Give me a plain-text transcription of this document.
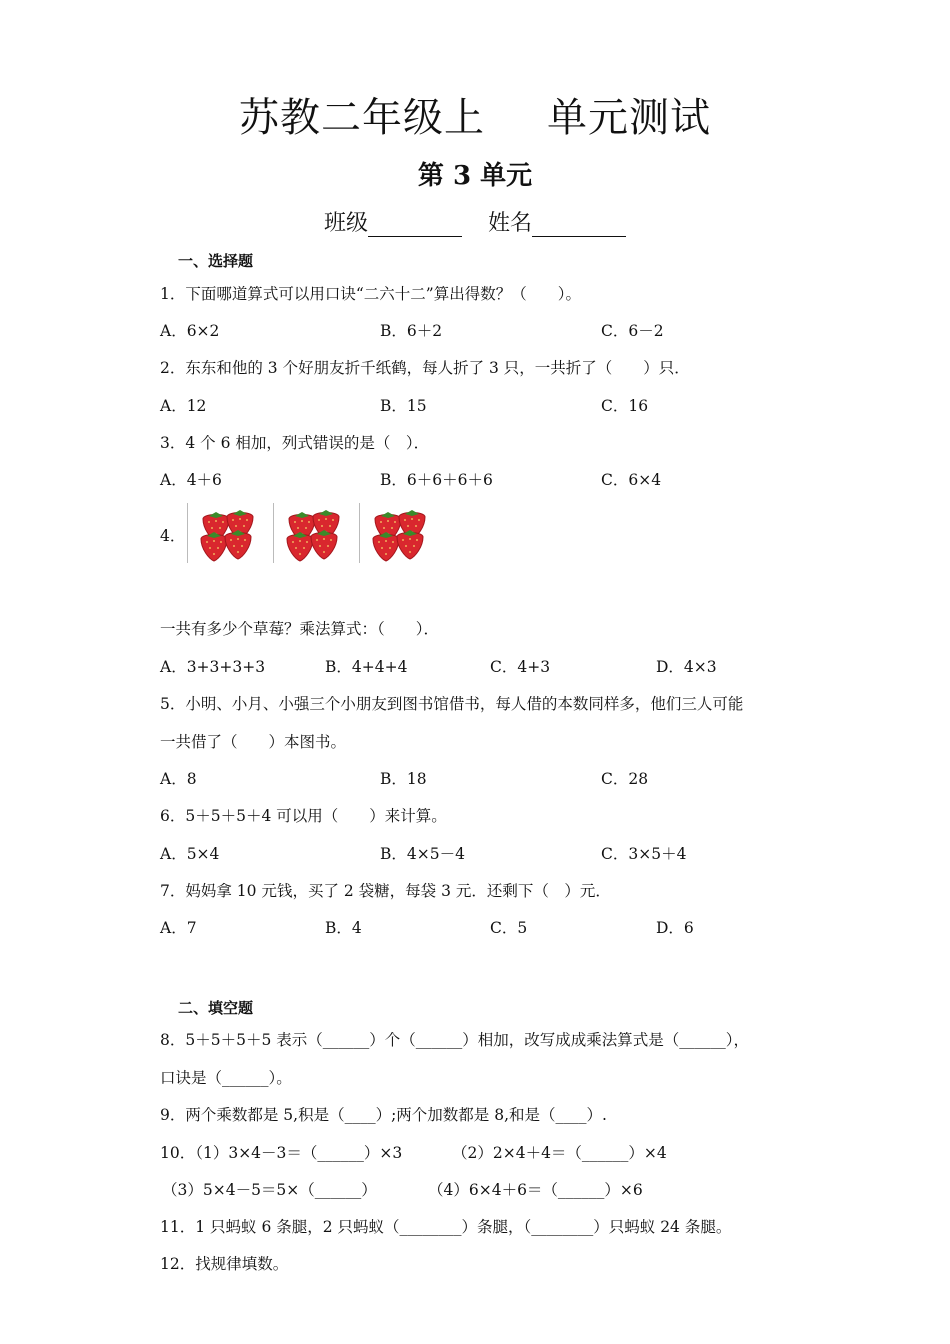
苏教二年级上 单元测试
第 3 单元
班级	姓名
一、选择题
1．下面哪道算式可以用口诀“二六十二”算出得数？（　　）。
A．6×2	B．6＋2	C．6－2
2．东东和他的 3 个好朋友折千纸鹤，每人折了 3 只，一共折了（　　）只．
A．12	B．15	C．16
3．4 个 6 相加，列式错误的是（　）．
A．4＋6	B．6＋6＋6＋6	C．6×4
4．
一共有多少个草莓？乘法算式：（　　）．
A．3+3+3+3	B．4+4+4	C．4+3	D．4×3
5．小明、小月、小强三个小朋友到图书馆借书，每人借的本数同样多，他们三人可能
一共借了（　　）本图书。
A．8	B．18	C．28
6．5＋5＋5＋4 可以用（　　）来计算。
A．5×4	B．4×5－4	C．3×5＋4
7．妈妈拿 10 元钱，买了 2 袋糖，每袋 3 元．还剩下（　）元．
A．7	B．4	C．5	D．6
二、填空题
8．5＋5＋5＋5 表示（______）个（______）相加，改写成成乘法算式是（______），
口诀是（______）。
9．两个乘数都是 5,积是（____）;两个加数都是 8,和是（____）.
10．（1）3×4－3＝（______）×3	（2）2×4＋4＝（______）×4
（3）5×4－5＝5×（______）	（4）6×4＋6＝（______）×6
11．1 只蚂蚁 6 条腿，2 只蚂蚁（________）条腿，（________）只蚂蚁 24 条腿。
12．找规律填数。
